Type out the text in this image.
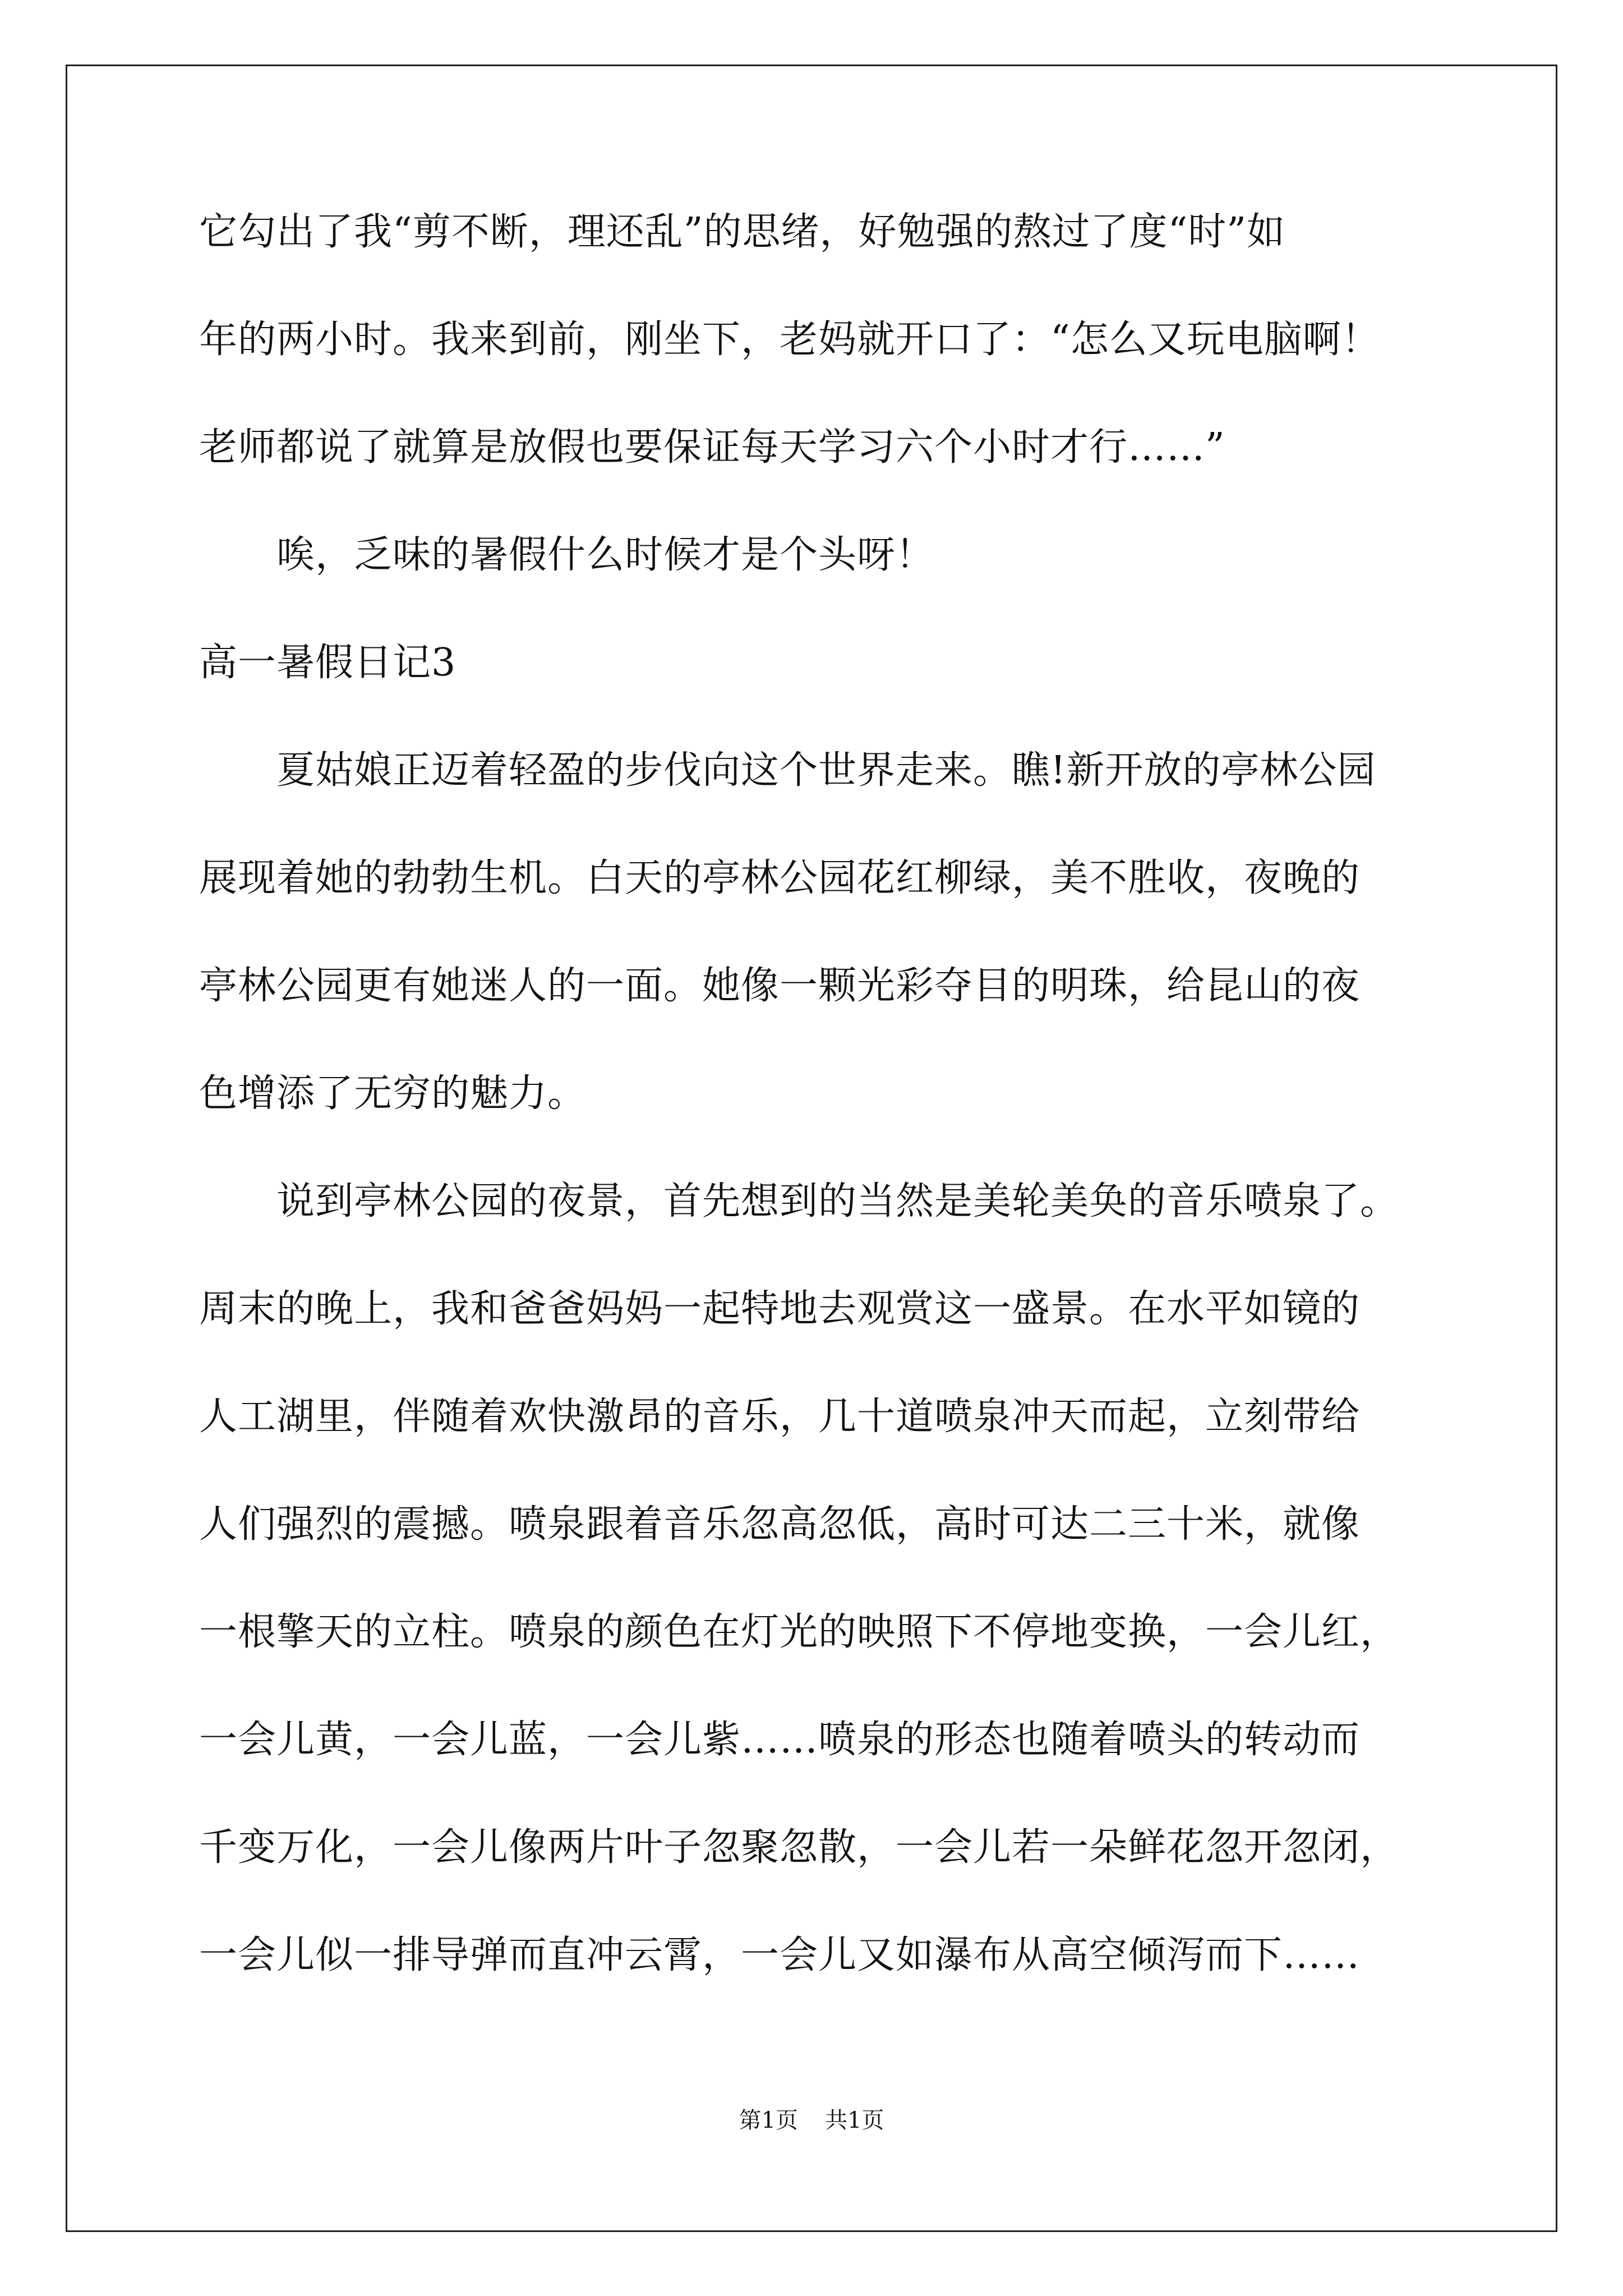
它勾出了我“剪不断，理还乱”的思绪，好勉强的熬过了度“时”如
年的两小时。我来到前，刚坐下，老妈就开口了：“怎么又玩电脑啊！
老师都说了就算是放假也要保证每天学习六个小时才行……”
唉，乏味的暑假什么时候才是个头呀！
高一暑假日记3
夏姑娘正迈着轻盈的步伐向这个世界走来。瞧!新开放的亭林公园
展现着她的勃勃生机。白天的亭林公园花红柳绿，美不胜收，夜晚的
亭林公园更有她迷人的一面。她像一颗光彩夺目的明珠，给昆山的夜
色增添了无穷的魅力。
说到亭林公园的夜景，首先想到的当然是美轮美奂的音乐喷泉了。
周末的晚上，我和爸爸妈妈一起特地去观赏这一盛景。在水平如镜的
人工湖里，伴随着欢快激昂的音乐，几十道喷泉冲天而起，立刻带给
人们强烈的震撼。喷泉跟着音乐忽高忽低，高时可达二三十米，就像
一根擎天的立柱。喷泉的颜色在灯光的映照下不停地变换，一会儿红，
一会儿黄，一会儿蓝，一会儿紫……喷泉的形态也随着喷头的转动而
千变万化，一会儿像两片叶子忽聚忽散，一会儿若一朵鲜花忽开忽闭，
一会儿似一排导弹而直冲云霄，一会儿又如瀑布从高空倾泻而下……
第1页 共1页
